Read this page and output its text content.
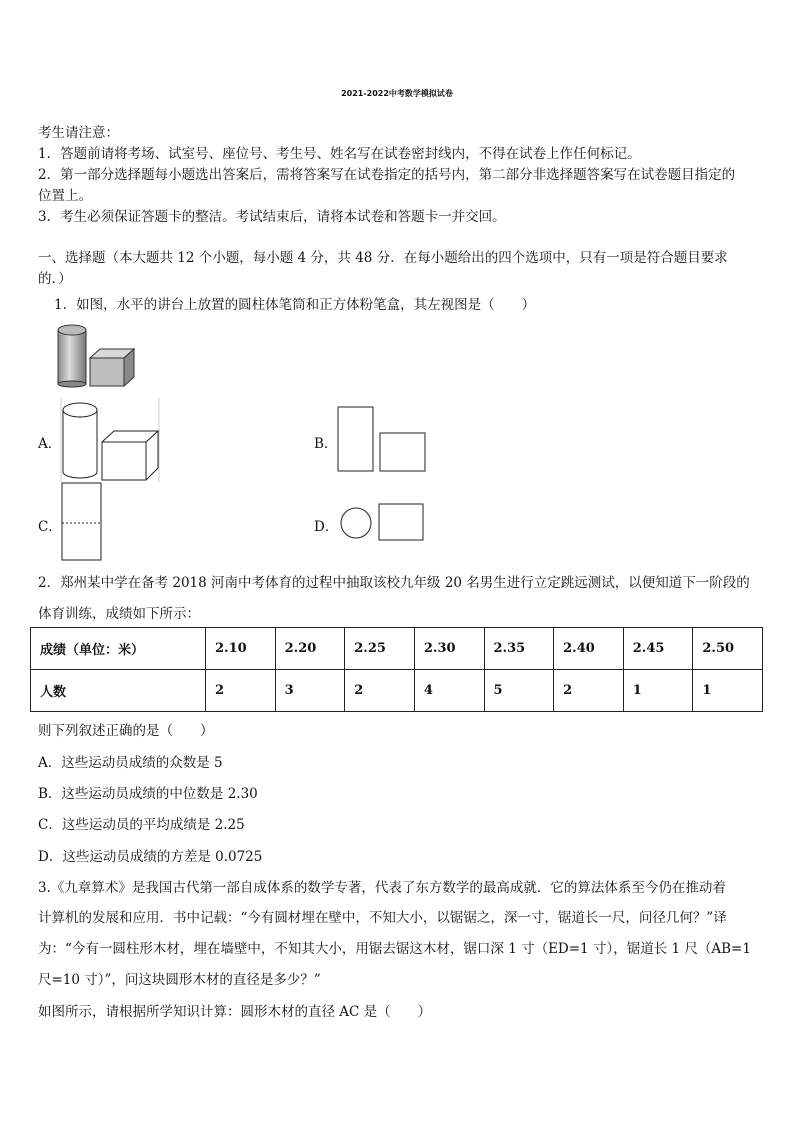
2021-2022中考数学模拟试卷
考生请注意：
1．答题前请将考场、试室号、座位号、考生号、姓名写在试卷密封线内，不得在试卷上作任何标记。
2．第一部分选择题每小题选出答案后，需将答案写在试卷指定的括号内，第二部分非选择题答案写在试卷题目指定的
位置上。
3．考生必须保证答题卡的整洁。考试结束后，请将本试卷和答题卡一并交回。
一、选择题（本大题共 12 个小题，每小题 4 分，共 48 分．在每小题给出的四个选项中，只有一项是符合题目要求
的．）
1．如图，水平的讲台上放置的圆柱体笔筒和正方体粉笔盒，其左视图是（　　）
A．	B．
C．	D．
2．郑州某中学在备考 2018 河南中考体育的过程中抽取该校九年级 20 名男生进行立定跳远测试，以便知道下一阶段的
体育训练，成绩如下所示：
成绩（单位：米）	2.10	2.20	2.25	2.30	2.35	2.40	2.45	2.50
人数	2	3	2	4	5	2	1	1
则下列叙述正确的是（　　）
A．这些运动员成绩的众数是 5
B．这些运动员成绩的中位数是 2.30
C．这些运动员的平均成绩是 2.25
D．这些运动员成绩的方差是 0.0725
3.《九章算术》是我国古代第一部自成体系的数学专著，代表了东方数学的最高成就．它的算法体系至今仍在推动着
计算机的发展和应用．书中记载：“今有圆材埋在壁中，不知大小，以锯锯之，深一寸，锯道长一尺，问径几何？”译
为：“今有一圆柱形木材，埋在墙壁中，不知其大小，用锯去锯这木材，锯口深 1 寸（ED=1 寸），锯道长 1 尺（AB=1
尺=10 寸）”，问这块圆形木材的直径是多少？”
如图所示，请根据所学知识计算：圆形木材的直径 AC 是（　　）
